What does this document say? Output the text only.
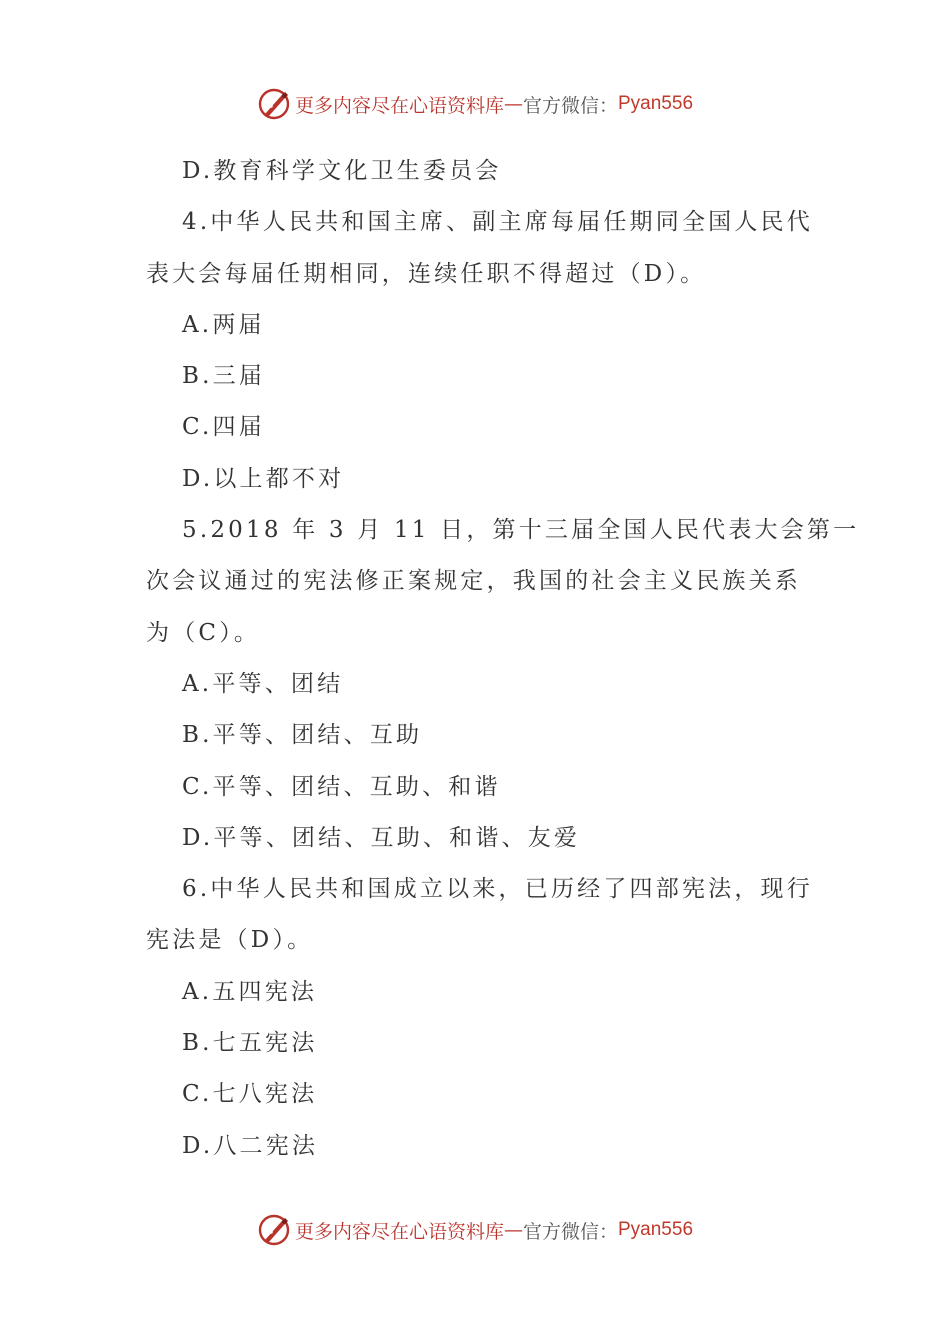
更多内容尽在心语资料库 — 官方微信： Pyan556
D.教育科学文化卫生委员会
4.中华人民共和国主席、副主席每届任期同全国人民代
表大会每届任期相同，连续任职不得超过（D）。
A.两届
B.三届
C.四届
D.以上都不对
5.2018 年 3 月 11 日，第十三届全国人民代表大会第一
次会议通过的宪法修正案规定，我国的社会主义民族关系
为（C）。
A.平等、团结
B.平等、团结、互助
C.平等、团结、互助、和谐
D.平等、团结、互助、和谐、友爱
6.中华人民共和国成立以来，已历经了四部宪法，现行
宪法是（D）。
A.五四宪法
B.七五宪法
C.七八宪法
D.八二宪法
更多内容尽在心语资料库 — 官方微信： Pyan556
